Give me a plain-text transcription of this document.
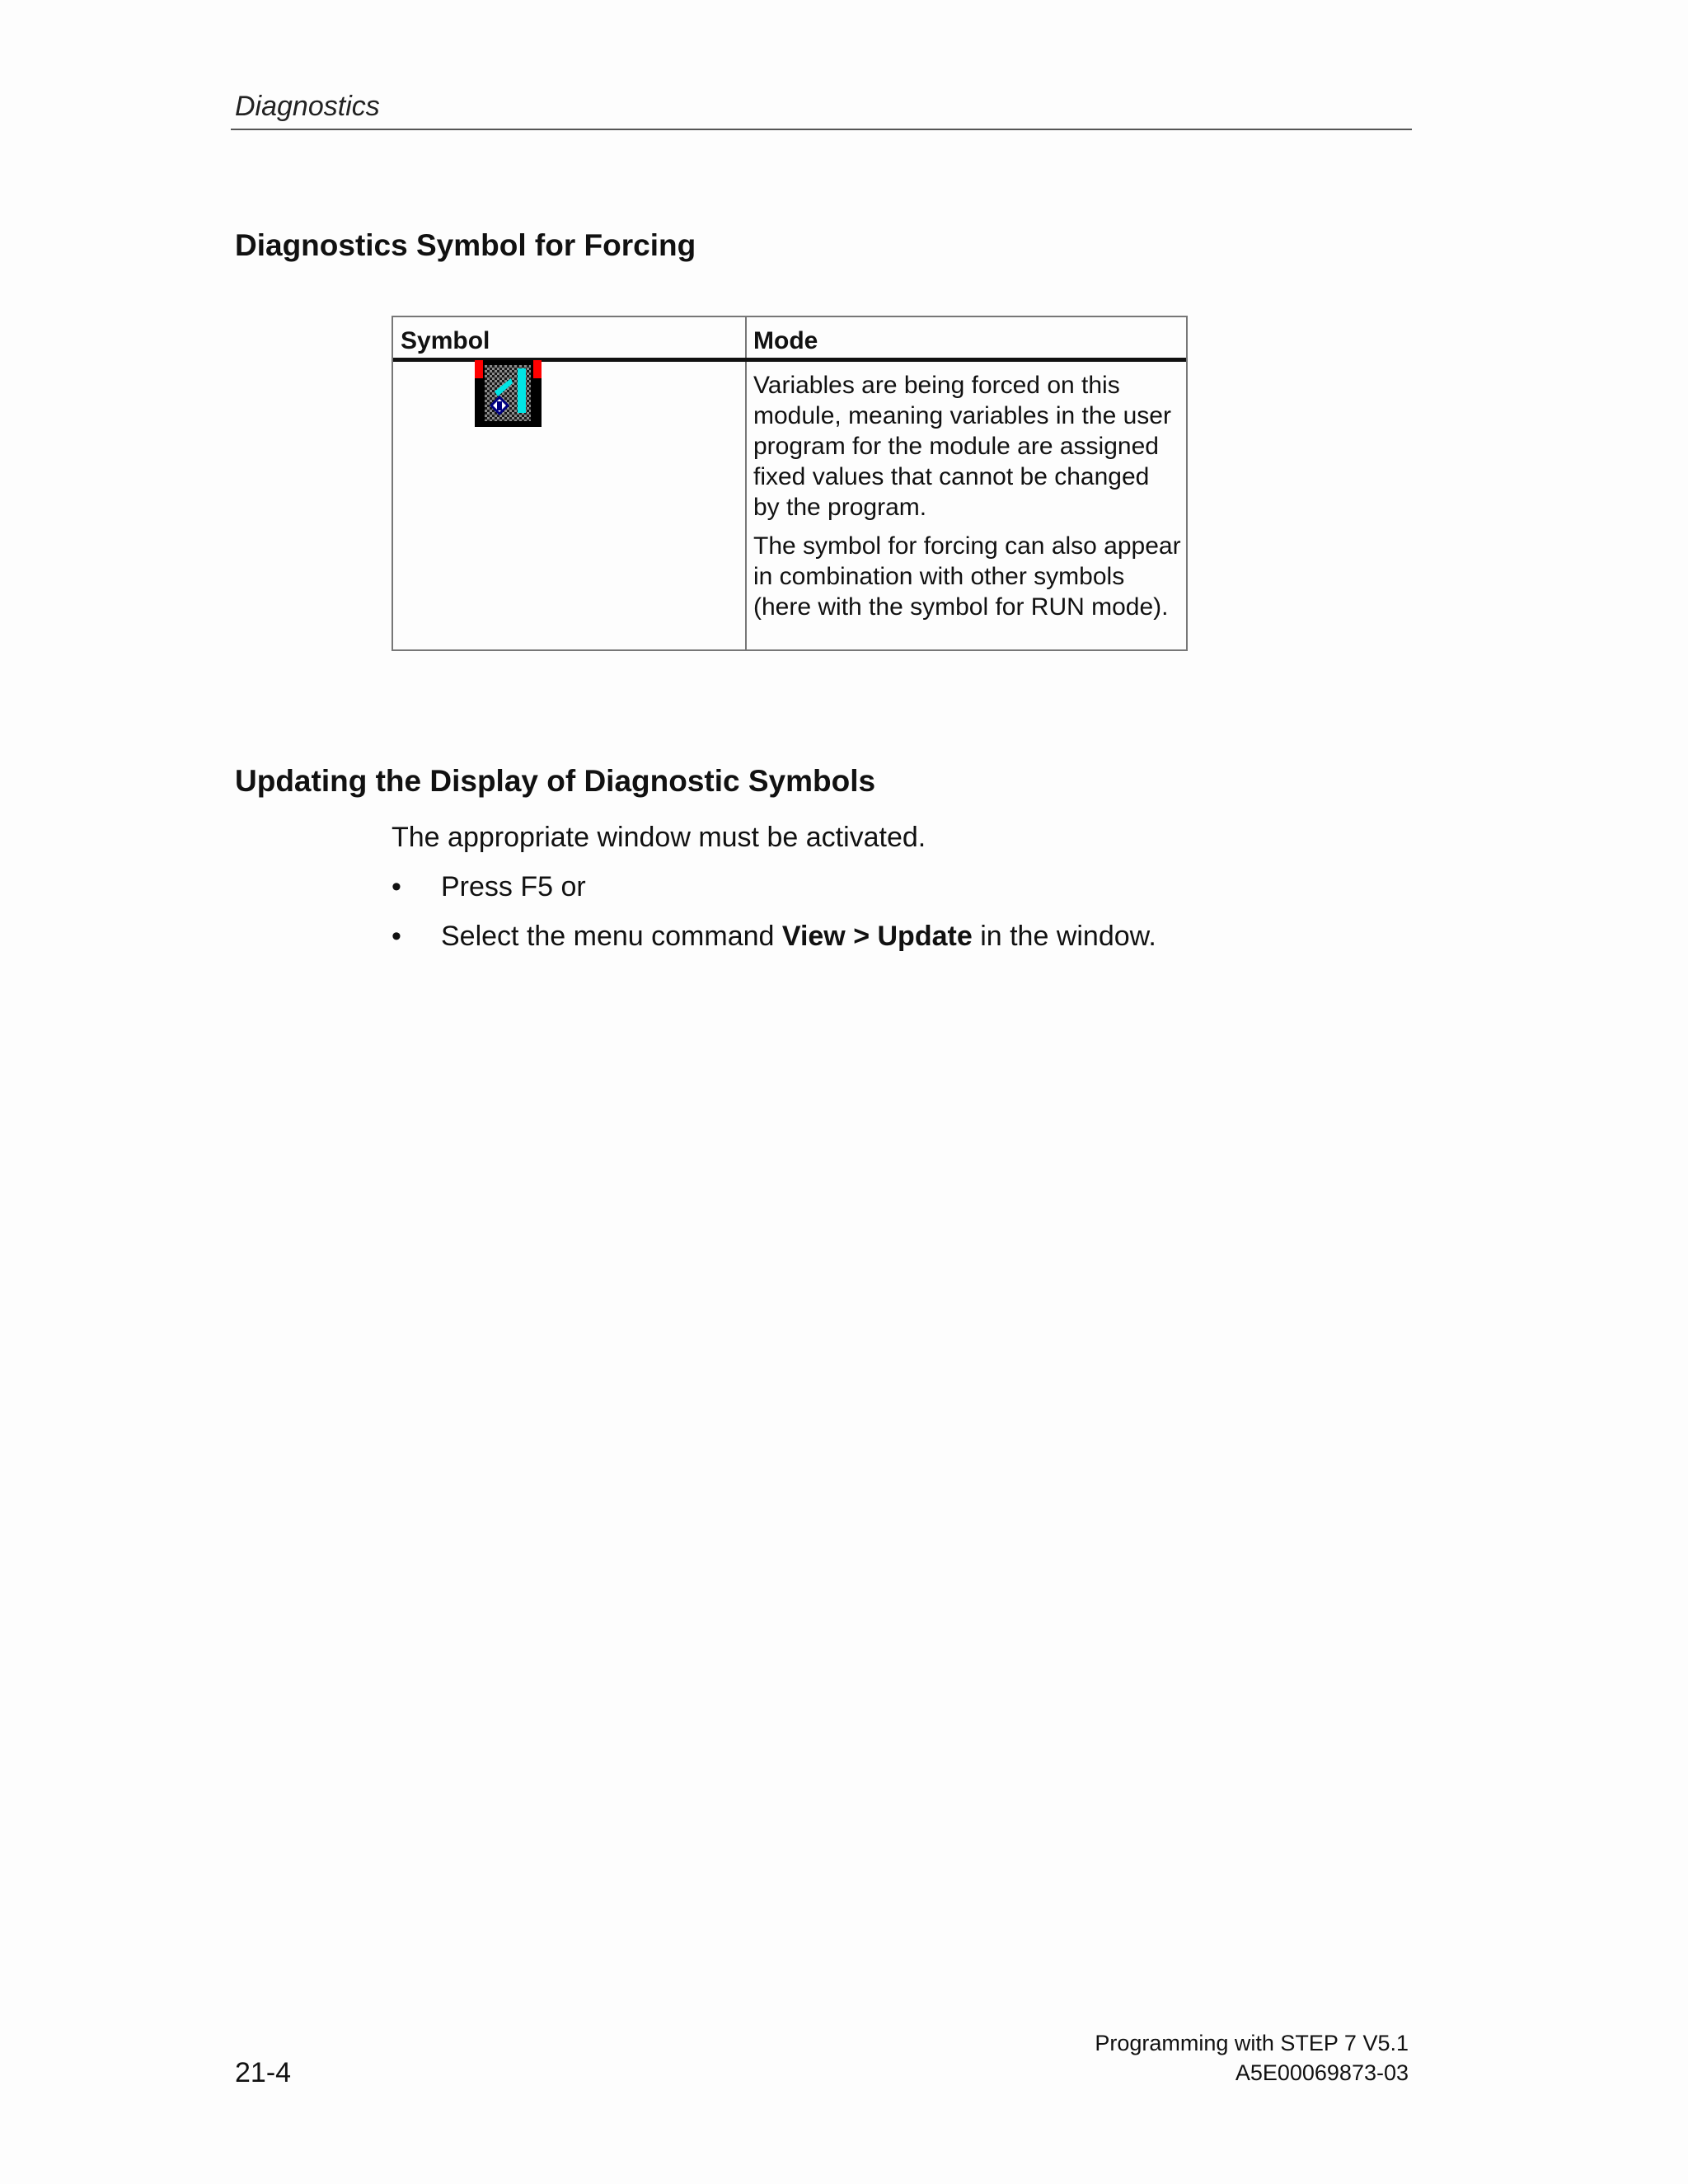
Diagnostics
Diagnostics Symbol for Forcing
Symbol	Mode

Variables are being forced on this module, meaning variables in the user program for the module are assigned fixed values that cannot be changed by the program.

The symbol for forcing can also appear in combination with other symbols (here with the symbol for RUN mode).

Updating the Display of Diagnostic Symbols
The appropriate window must be activated.
• Press F5 or
• Select the menu command View > Update in the window.
21-4
Programming with STEP 7 V5.1
A5E00069873-03
